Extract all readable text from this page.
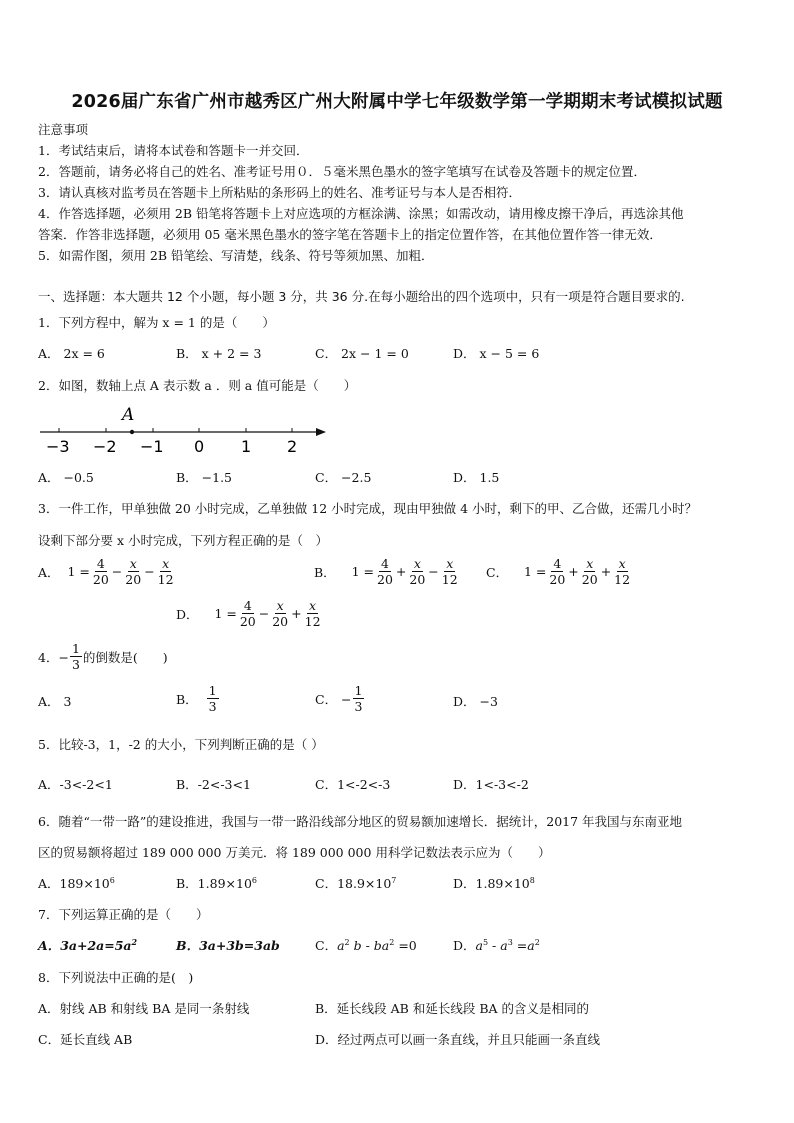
2026届广东省广州市越秀区广州大附属中学七年级数学第一学期期末考试模拟试题
注意事项
1．考试结束后，请将本试卷和答题卡一并交回．
2．答题前，请务必将自己的姓名、准考证号用０．５毫米黑色墨水的签字笔填写在试卷及答题卡的规定位置．
3．请认真核对监考员在答题卡上所粘贴的条形码上的姓名、准考证号与本人是否相符．
4．作答选择题，必须用 2B 铅笔将答题卡上对应选项的方框涂满、涂黑；如需改动，请用橡皮擦干净后，再选涂其他
答案．作答非选择题，必须用 05 毫米黑色墨水的签字笔在答题卡上的指定位置作答，在其他位置作答一律无效．
5．如需作图，须用 2B 铅笔绘、写清楚，线条、符号等须加黑、加粗．
一、选择题：本大题共 12 个小题，每小题 3 分，共 36 分.在每小题给出的四个选项中，只有一项是符合题目要求的.
1．下列方程中，解为 x = 1 的是（　　）
A． 2x = 6	B． x + 2 = 3	C． 2x − 1 = 0	D． x − 5 = 6
2．如图，数轴上点 A 表示数 a ．则 a 值可能是（　　）
A
−3 −2 −1 0 1 2
A． −0.5	B． −1.5	C． −2.5	D． 1.5
3．一件工作，甲单独做 20 小时完成，乙单独做 12 小时完成，现由甲独做 4 小时，剩下的甲、乙合做，还需几小时？
设剩下部分要 x 小时完成，下列方程正确的是（　）
A．
$1 = \frac{4}{20} - \frac{x}{20} - \frac{x}{12}$	B．
$1 = \frac{4}{20} + \frac{x}{20} - \frac{x}{12}$ C．
$1 = \frac{4}{20} + \frac{x}{20} + \frac{x}{12}$
D．
$1 = \frac{4}{20} - \frac{x}{20} + \frac{x}{12}$
4．− $\frac{1}{3}$ 的倒数是(　　)
A． 3	B．
$\frac{1}{3}$	C． − $\frac{1}{3}$	D． −3
5．比较-3，1，-2 的大小，下列判断正确的是（ ）
A．-3<-2<1	B．-2<-3<1	C．1<-2<-3	D．1<-3<-2
6．随着“一带一路”的建设推进，我国与一带一路沿线部分地区的贸易额加速增长．据统计，2017 年我国与东南亚地
区的贸易额将超过 189 000 000 万美元．将 189 000 000 用科学记数法表示应为（　　）
A．$189\times 10^6$	B．$1.89\times 10^6$	C．$18.9\times 10^7$	D．$1.89\times 10^8$
7．下列运算正确的是（　　）
A．$3a+2a=5a^2$	B．3a+3b=3ab	C．$a^2$ $b - ba^2 =0$	D．$a^5 - a^3 =a^2$
8．下列说法中正确的是(　)
A．射线 AB 和射线 BA 是同一条射线	B．延长线段 AB 和延长线段 BA 的含义是相同的
C．延长直线 AB	D．经过两点可以画一条直线，并且只能画一条直线
